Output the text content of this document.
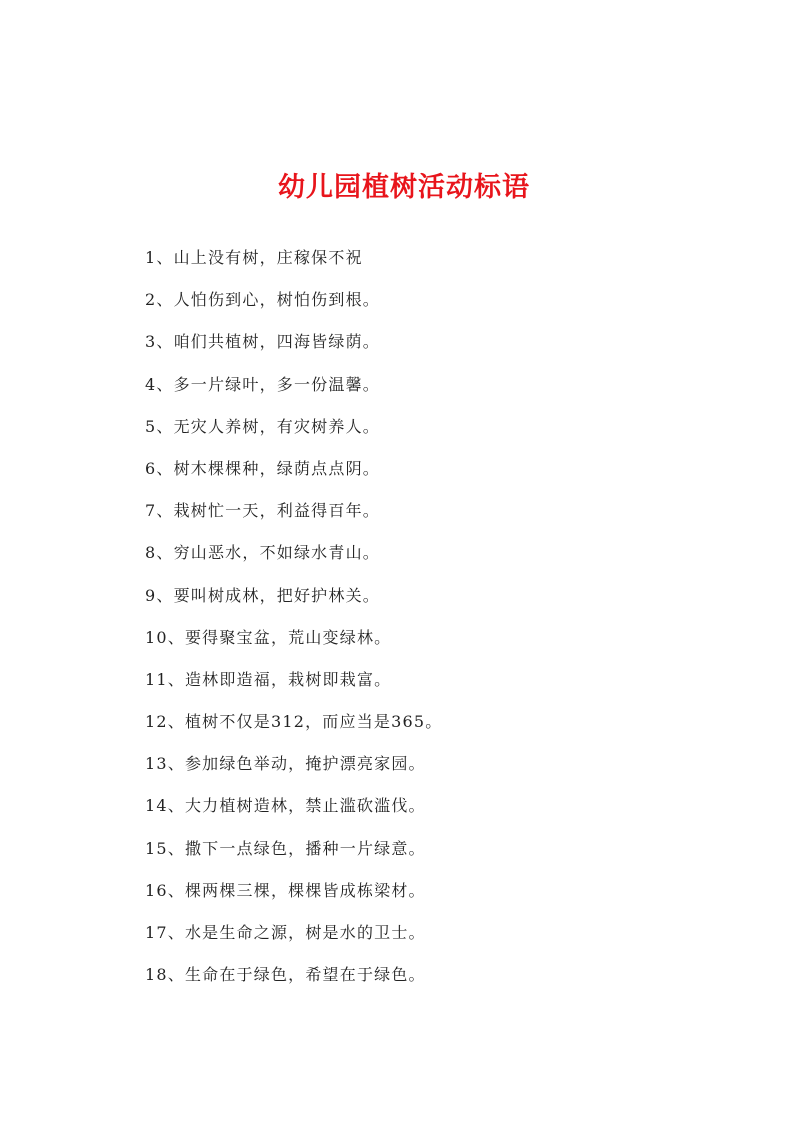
幼儿园植树活动标语
1、山上没有树，庄稼保不祝
2、人怕伤到心，树怕伤到根。
3、咱们共植树，四海皆绿荫。
4、多一片绿叶，多一份温馨。
5、无灾人养树，有灾树养人。
6、树木棵棵种，绿荫点点阴。
7、栽树忙一天，利益得百年。
8、穷山恶水，不如绿水青山。
9、要叫树成林，把好护林关。
10、要得聚宝盆，荒山变绿林。
11、造林即造福，栽树即栽富。
12、植树不仅是312，而应当是365。
13、参加绿色举动，掩护漂亮家园。
14、大力植树造林，禁止滥砍滥伐。
15、撒下一点绿色，播种一片绿意。
16、棵两棵三棵，棵棵皆成栋梁材。
17、水是生命之源，树是水的卫士。
18、生命在于绿色，希望在于绿色。
